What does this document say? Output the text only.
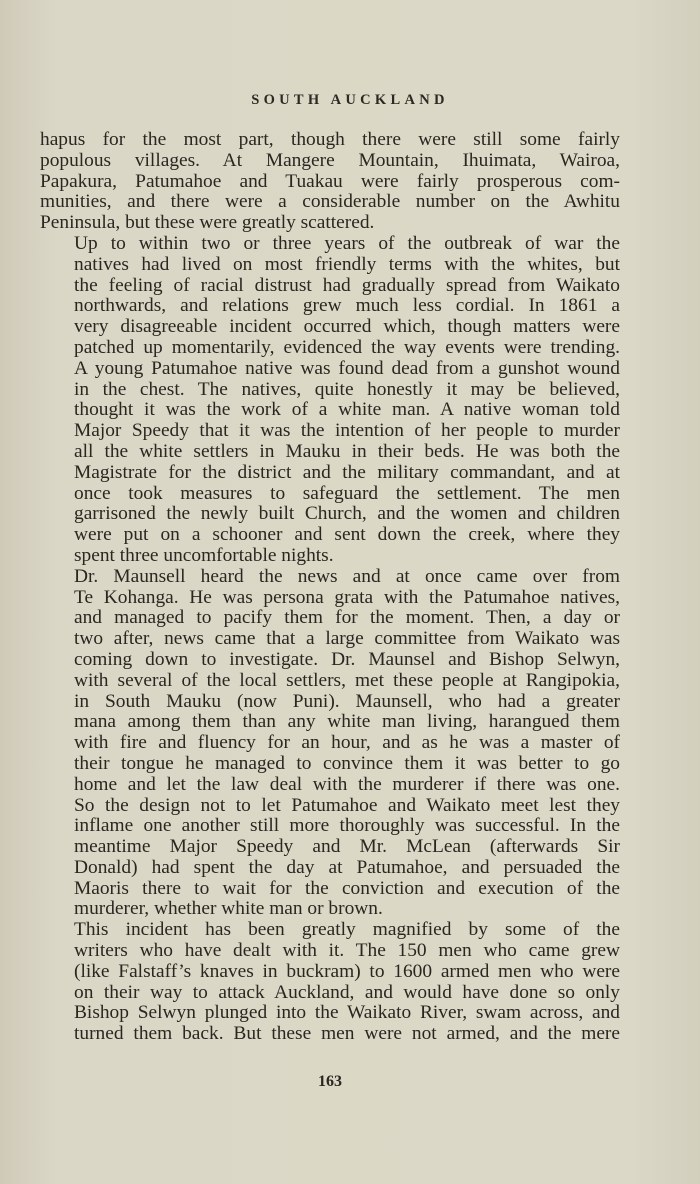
SOUTH AUCKLAND
hapus for the most part, though there were still some fairly
populous villages. At Mangere Mountain, Ihuimata, Wairoa,
Papakura, Patumahoe and Tuakau were fairly prosperous com-
munities, and there were a considerable number on the Awhitu
Peninsula, but these were greatly scattered.
Up to within two or three years of the outbreak of war the
natives had lived on most friendly terms with the whites, but
the feeling of racial distrust had gradually spread from Waikato
northwards, and relations grew much less cordial. In 1861 a
very disagreeable incident occurred which, though matters were
patched up momentarily, evidenced the way events were trending.
A young Patumahoe native was found dead from a gunshot wound
in the chest. The natives, quite honestly it may be believed,
thought it was the work of a white man. A native woman told
Major Speedy that it was the intention of her people to murder
all the white settlers in Mauku in their beds. He was both the
Magistrate for the district and the military commandant, and at
once took measures to safeguard the settlement. The men
garrisoned the newly built Church, and the women and children
were put on a schooner and sent down the creek, where they
spent three uncomfortable nights.
Dr. Maunsell heard the news and at once came over from
Te Kohanga. He was persona grata with the Patumahoe natives,
and managed to pacify them for the moment. Then, a day or
two after, news came that a large committee from Waikato was
coming down to investigate. Dr. Maunsel and Bishop Selwyn,
with several of the local settlers, met these people at Rangipokia,
in South Mauku (now Puni). Maunsell, who had a greater
mana among them than any white man living, harangued them
with fire and fluency for an hour, and as he was a master of
their tongue he managed to convince them it was better to go
home and let the law deal with the murderer if there was one.
So the design not to let Patumahoe and Waikato meet lest they
inflame one another still more thoroughly was successful. In the
meantime Major Speedy and Mr. McLean (afterwards Sir
Donald) had spent the day at Patumahoe, and persuaded the
Maoris there to wait for the conviction and execution of the
murderer, whether white man or brown.
This incident has been greatly magnified by some of the
writers who have dealt with it. The 150 men who came grew
(like Falstaff’s knaves in buckram) to 1600 armed men who were
on their way to attack Auckland, and would have done so only
Bishop Selwyn plunged into the Waikato River, swam across, and
turned them back. But these men were not armed, and the mere
163
